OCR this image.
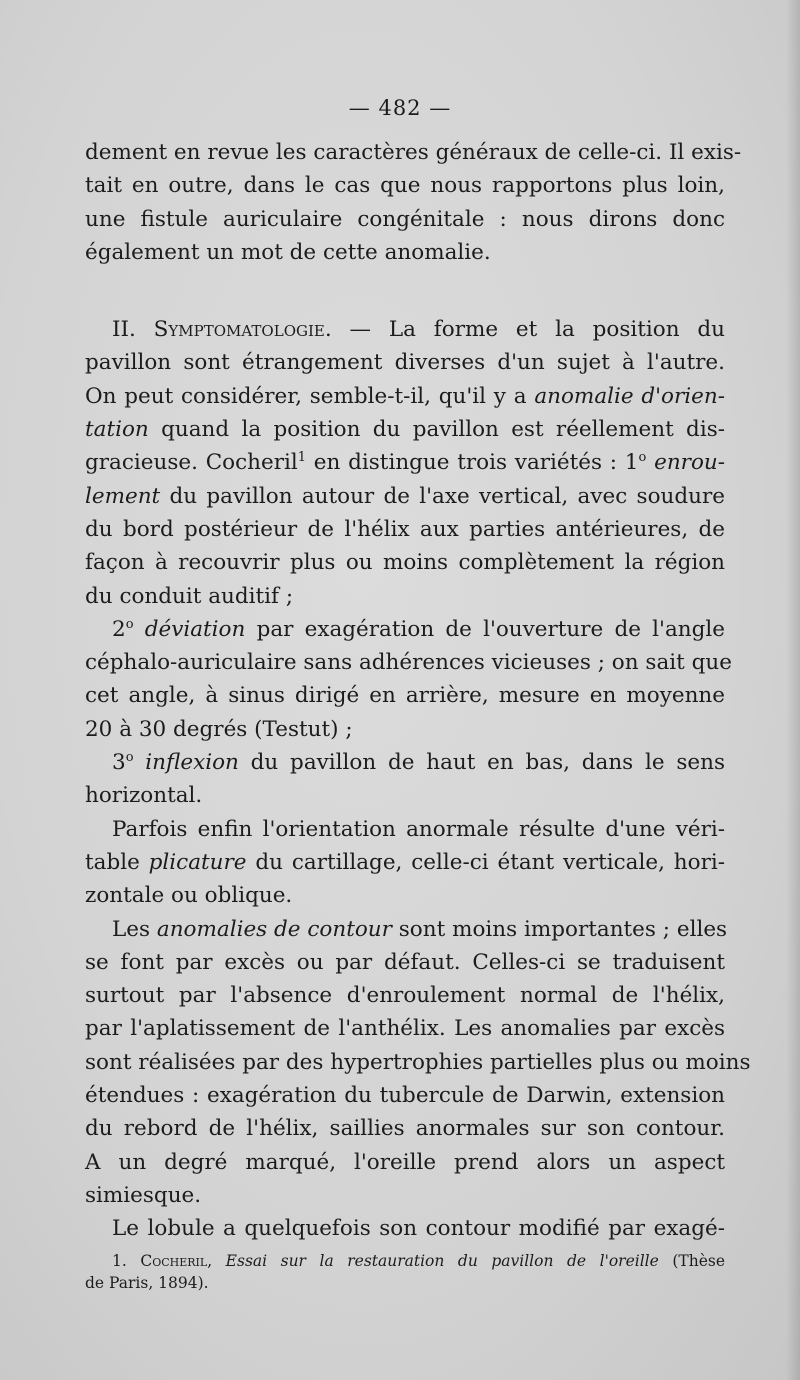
— 482 —
dement en revue les caractères généraux de celle-ci. Il exis-
tait en outre, dans le cas que nous rapportons plus loin,
une fistule auriculaire congénitale : nous dirons donc
également un mot de cette anomalie.
II. Symptomatologie. — La forme et la position du
pavillon sont étrangement diverses d'un sujet à l'autre.
On peut considérer, semble-t-il, qu'il y a anomalie d'orien-
tation quand la position du pavillon est réellement dis-
gracieuse. Cocheril$^1$ en distingue trois variétés : 1$^o$ enrou-
lement du pavillon autour de l'axe vertical, avec soudure
du bord postérieur de l'hélix aux parties antérieures, de
façon à recouvrir plus ou moins complètement la région
du conduit auditif ;
2$^o$ déviation par exagération de l'ouverture de l'angle
céphalo-auriculaire sans adhérences vicieuses ; on sait que
cet angle, à sinus dirigé en arrière, mesure en moyenne
20 à 30 degrés (Testut) ;
3$^o$ inflexion du pavillon de haut en bas, dans le sens
horizontal.
Parfois enfin l'orientation anormale résulte d'une véri-
table plicature du cartillage, celle-ci étant verticale, hori-
zontale ou oblique.
Les anomalies de contour sont moins importantes ; elles
se font par excès ou par défaut. Celles-ci se traduisent
surtout par l'absence d'enroulement normal de l'hélix,
par l'aplatissement de l'anthélix. Les anomalies par excès
sont réalisées par des hypertrophies partielles plus ou moins
étendues : exagération du tubercule de Darwin, extension
du rebord de l'hélix, saillies anormales sur son contour.
A un degré marqué, l'oreille prend alors un aspect
simiesque.
Le lobule a quelquefois son contour modifié par exagé-
1. Cocheril, Essai sur la restauration du pavillon de l'oreille (Thèse
de Paris, 1894).
